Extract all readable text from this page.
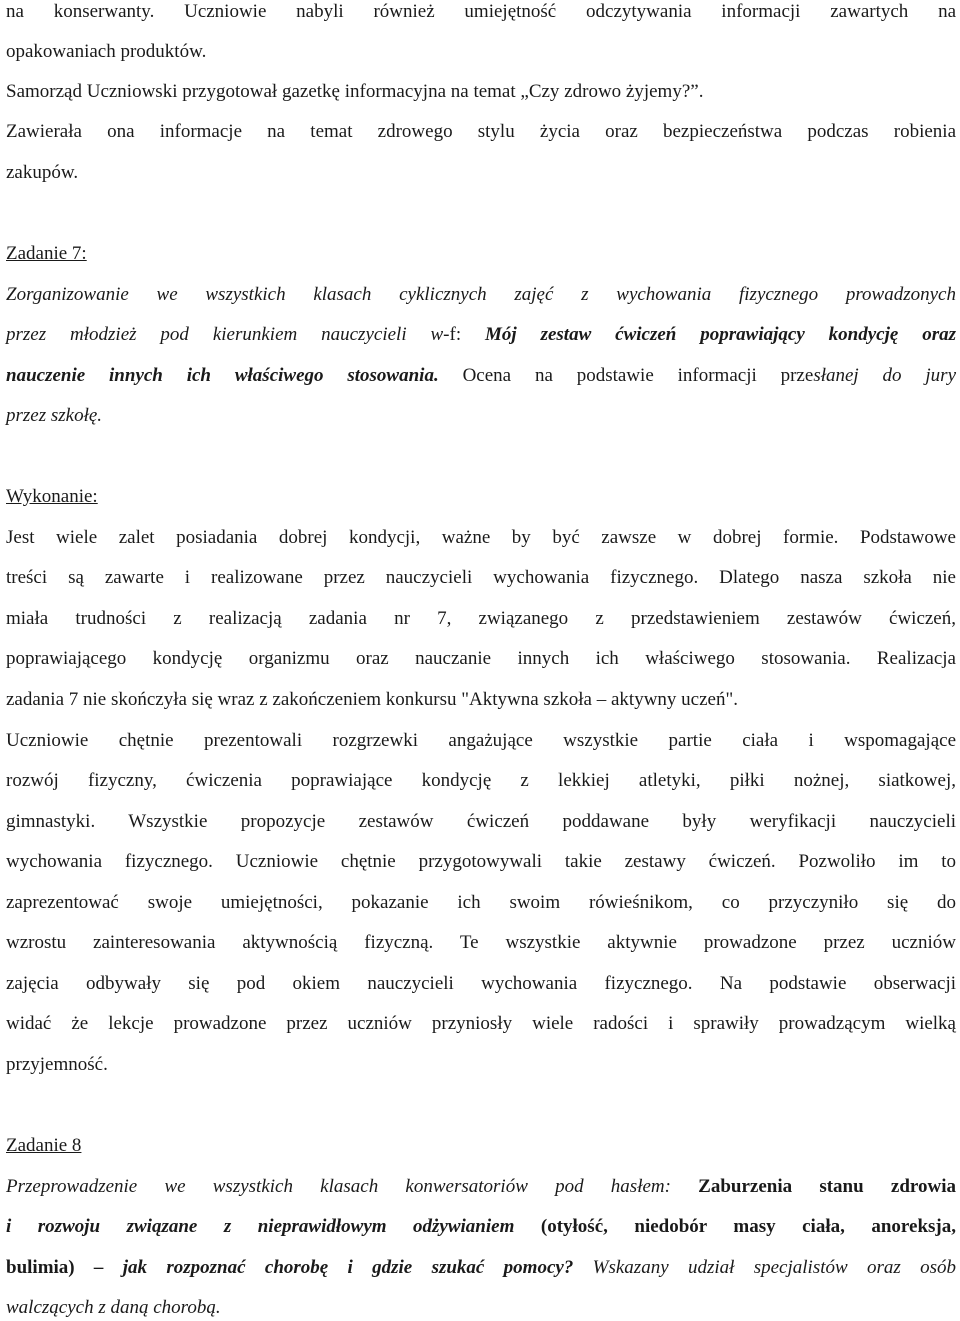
na konserwanty. Uczniowie nabyli również umiejętność odczytywania informacji zawartych na
opakowaniach produktów.
Samorząd Uczniowski przygotował gazetkę informacyjna na temat „Czy zdrowo żyjemy?”.
Zawierała ona informacje na temat zdrowego stylu życia oraz bezpieczeństwa podczas robienia
zakupów.
Zadanie 7:
Zorganizowanie we wszystkich klasach cyklicznych zajęć z wychowania fizycznego prowadzonych
przez młodzież pod kierunkiem nauczycieli w-f: Mój zestaw ćwiczeń poprawiający kondycję oraz
nauczenie innych ich właściwego stosowania. Ocena na podstawie informacji przesłanej do jury
przez szkołę.
Wykonanie:
Jest wiele zalet posiadania dobrej kondycji, ważne by być zawsze w dobrej formie. Podstawowe
treści są zawarte i realizowane przez nauczycieli wychowania fizycznego. Dlatego nasza szkoła nie
miała trudności z realizacją zadania nr 7, związanego z przedstawieniem zestawów ćwiczeń,
poprawiającego kondycję organizmu oraz nauczanie innych ich właściwego stosowania. Realizacja
zadania 7 nie skończyła się wraz z zakończeniem konkursu "Aktywna szkoła – aktywny uczeń".
Uczniowie chętnie prezentowali rozgrzewki angażujące wszystkie partie ciała i wspomagające
rozwój fizyczny, ćwiczenia poprawiające kondycję z lekkiej atletyki, piłki nożnej, siatkowej,
gimnastyki. Wszystkie propozycje zestawów ćwiczeń poddawane były weryfikacji nauczycieli
wychowania fizycznego. Uczniowie chętnie przygotowywali takie zestawy ćwiczeń. Pozwoliło im to
zaprezentować swoje umiejętności, pokazanie ich swoim rówieśnikom, co przyczyniło się do
wzrostu zainteresowania aktywnością fizyczną. Te wszystkie aktywnie prowadzone przez uczniów
zajęcia odbywały się pod okiem nauczycieli wychowania fizycznego. Na podstawie obserwacji
widać że lekcje prowadzone przez uczniów przyniosły wiele radości i sprawiły prowadzącym wielką
przyjemność.
Zadanie 8
Przeprowadzenie we wszystkich klasach konwersatoriów pod hasłem: Zaburzenia stanu zdrowia
i rozwoju związane z nieprawidłowym odżywianiem (otyłość, niedobór masy ciała, anoreksja,
bulimia) – jak rozpoznać chorobę i gdzie szukać pomocy? Wskazany udział specjalistów oraz osób
walczących z daną chorobą.
